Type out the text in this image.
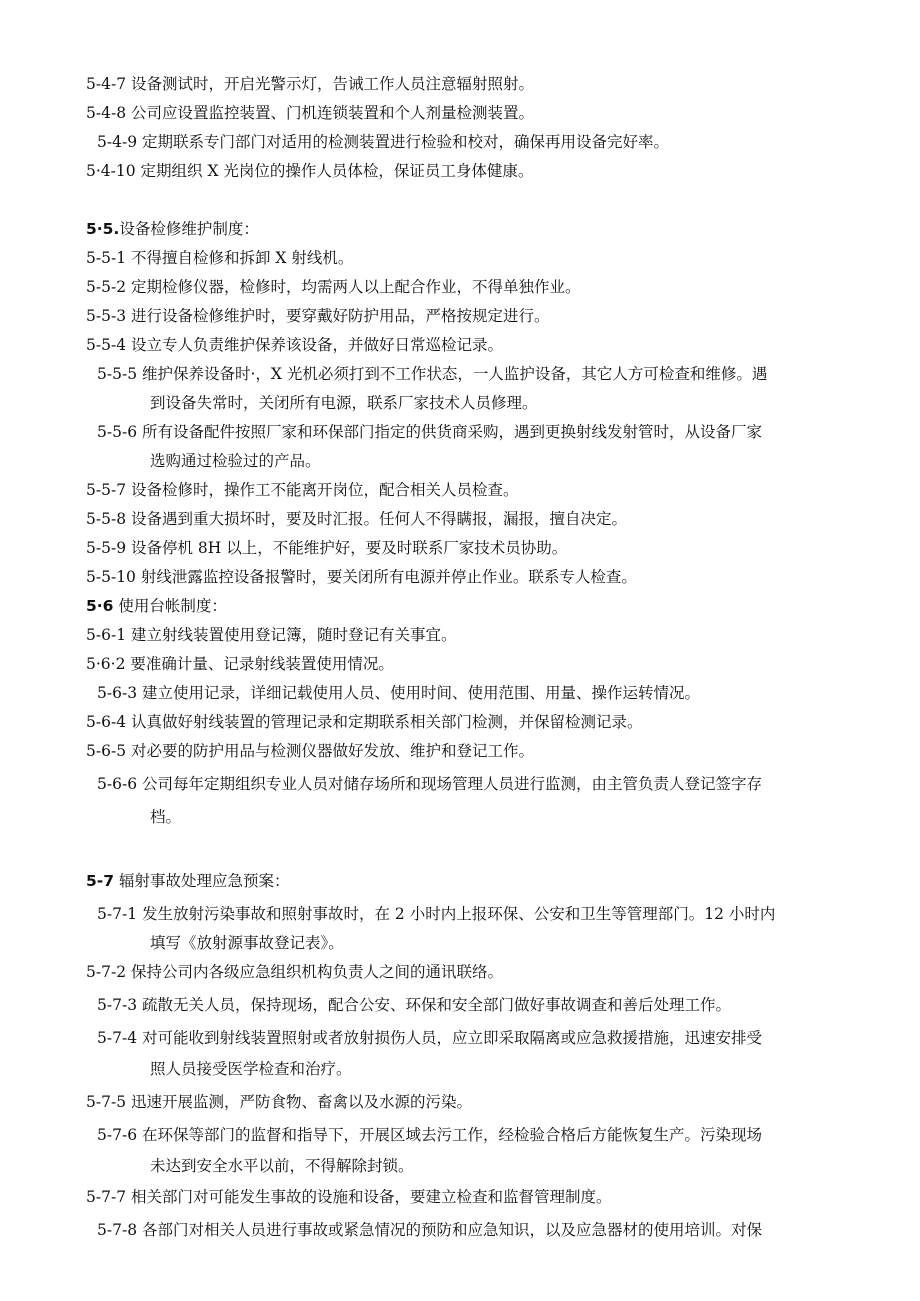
5-4-7 设备测试时，开启光警示灯，告诫工作人员注意辐射照射。
5-4-8 公司应设置监控装置、门机连锁装置和个人剂量检测装置。
5-4-9 定期联系专门部门对适用的检测装置进行检验和校对，确保再用设备完好率。
5·4-10 定期组织 X 光岗位的操作人员体检，保证员工身体健康。
5·5.设备检修维护制度：
5-5-1 不得擅自检修和拆卸 X 射线机。
5-5-2 定期检修仪器，检修时，均需两人以上配合作业，不得单独作业。
5-5-3 进行设备检修维护时，要穿戴好防护用品，严格按规定进行。
5-5-4 设立专人负责维护保养该设备，并做好日常巡检记录。
5-5-5 维护保养设备时·，X 光机必须打到不工作状态，一人监护设备，其它人方可检查和维修。遇
到设备失常时，关闭所有电源，联系厂家技术人员修理。
5-5-6 所有设备配件按照厂家和环保部门指定的供货商采购，遇到更换射线发射管时，从设备厂家
选购通过检验过的产品。
5-5-7 设备检修时，操作工不能离开岗位，配合相关人员检查。
5-5-8 设备遇到重大损坏时，要及时汇报。任何人不得瞒报，漏报，擅自决定。
5-5-9 设备停机 8H 以上，不能维护好，要及时联系厂家技术员协助。
5-5-10 射线泄露监控设备报警时，要关闭所有电源并停止作业。联系专人检查。
5·6 使用台帐制度：
5-6-1 建立射线装置使用登记簿，随时登记有关事宜。
5·6·2 要准确计量、记录射线装置使用情况。
5-6-3 建立使用记录，详细记载使用人员、使用时间、使用范围、用量、操作运转情况。
5-6-4 认真做好射线装置的管理记录和定期联系相关部门检测，并保留检测记录。
5-6-5 对必要的防护用品与检测仪器做好发放、维护和登记工作。
5-6-6 公司每年定期组织专业人员对储存场所和现场管理人员进行监测，由主管负责人登记签字存
档。
5-7 辐射事故处理应急预案：
5-7-1 发生放射污染事故和照射事故时，在 2 小时内上报环保、公安和卫生等管理部门。12 小时内
填写《放射源事故登记表》。
5-7-2 保持公司内各级应急组织机构负责人之间的通讯联络。
5-7-3 疏散无关人员，保持现场，配合公安、环保和安全部门做好事故调查和善后处理工作。
5-7-4 对可能收到射线装置照射或者放射损伤人员，应立即采取隔离或应急救援措施，迅速安排受
照人员接受医学检查和治疗。
5-7-5 迅速开展监测，严防食物、畜禽以及水源的污染。
5-7-6 在环保等部门的监督和指导下，开展区域去污工作，经检验合格后方能恢复生产。污染现场
未达到安全水平以前，不得解除封锁。
5-7-7 相关部门对可能发生事故的设施和设备，要建立检查和监督管理制度。
5-7-8 各部门对相关人员进行事故或紧急情况的预防和应急知识，以及应急器材的使用培训。对保
